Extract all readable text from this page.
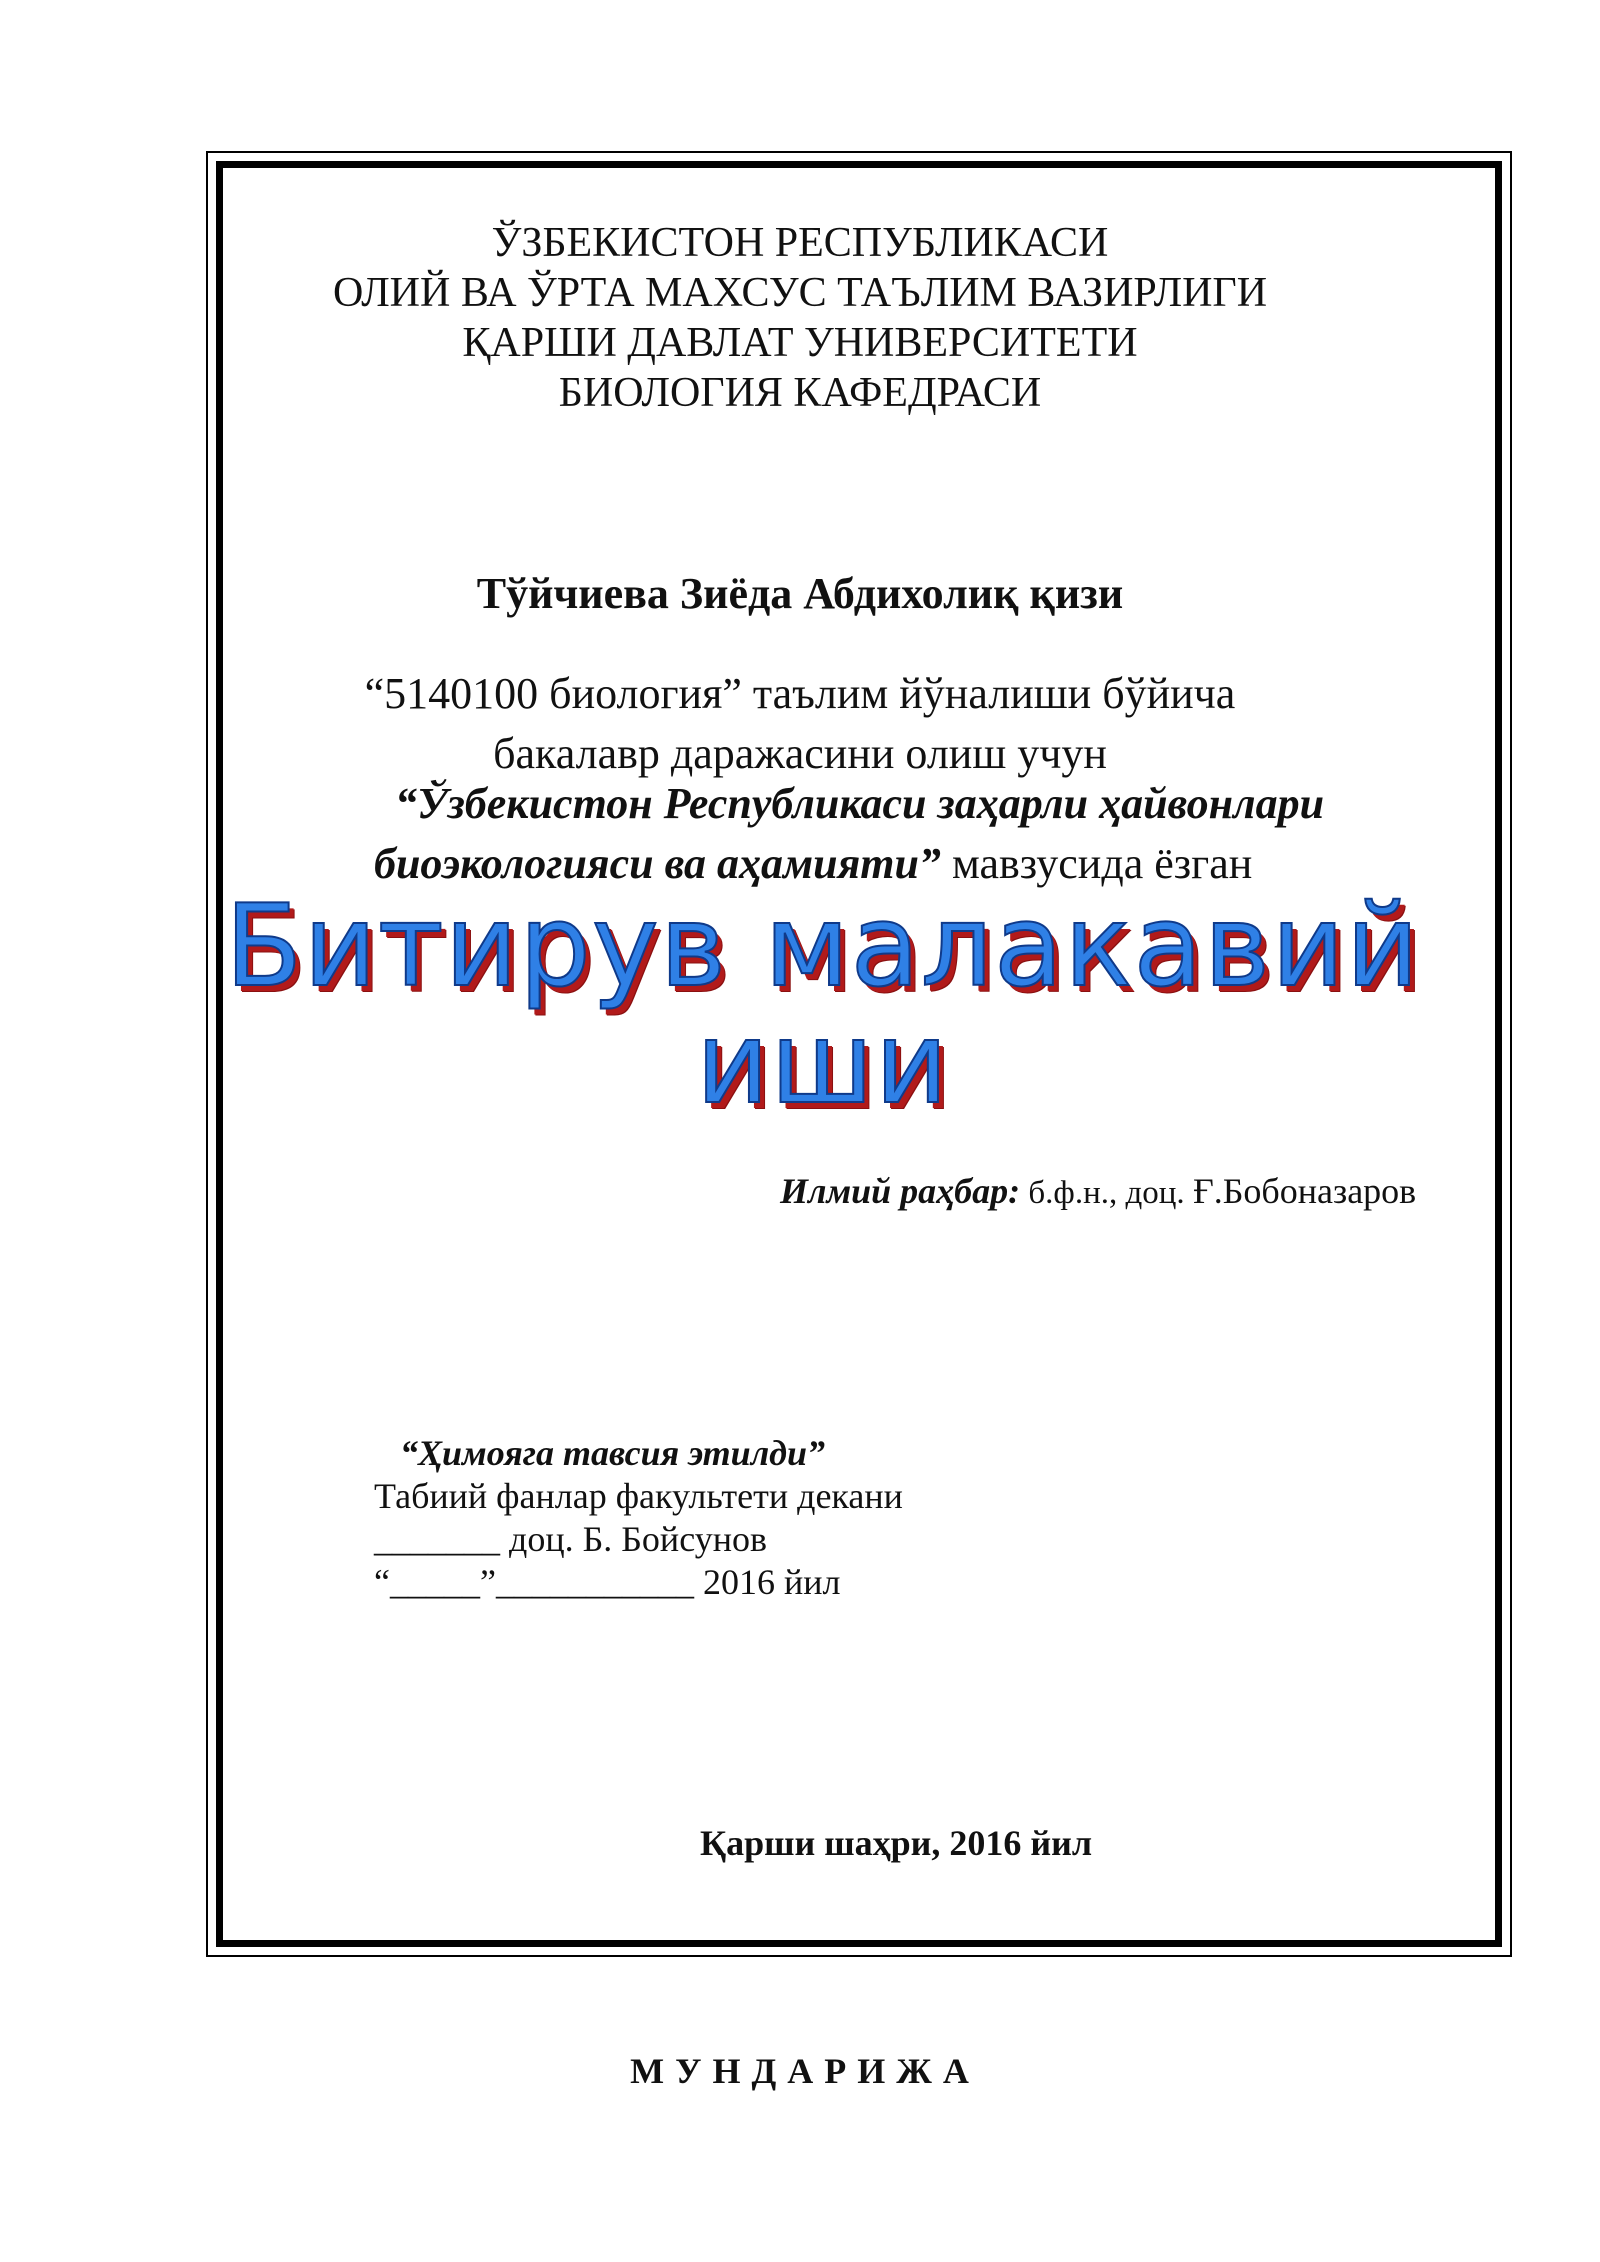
ЎЗБЕКИСТОН РЕСПУБЛИКАСИ
ОЛИЙ ВА ЎРТА МАХСУС ТАЪЛИМ ВАЗИРЛИГИ
ҚАРШИ ДАВЛАТ УНИВЕРСИТЕТИ
БИОЛОГИЯ КАФЕДРАСИ
Тўйчиева Зиёда Абдихолиқ қизи
“5140100 биология” таълим йўналиши бўйича
бакалавр даражасини олиш учун
“Ўзбекистон Республикаси заҳарли ҳайвонлари
биоэкологияси ва аҳамияти” мавзусида ёзган
Битирув малакавий
иши
Илмий раҳбар: б.ф.н., доц. Ғ.Бобоназаров
“Ҳимояга тавсия этилди”
Табиий фанлар факультети декани
_______ доц. Б. Бойсунов
“_____”___________ 2016 йил
Қарши шаҳри, 2016 йил
М У Н Д А Р И Ж А
